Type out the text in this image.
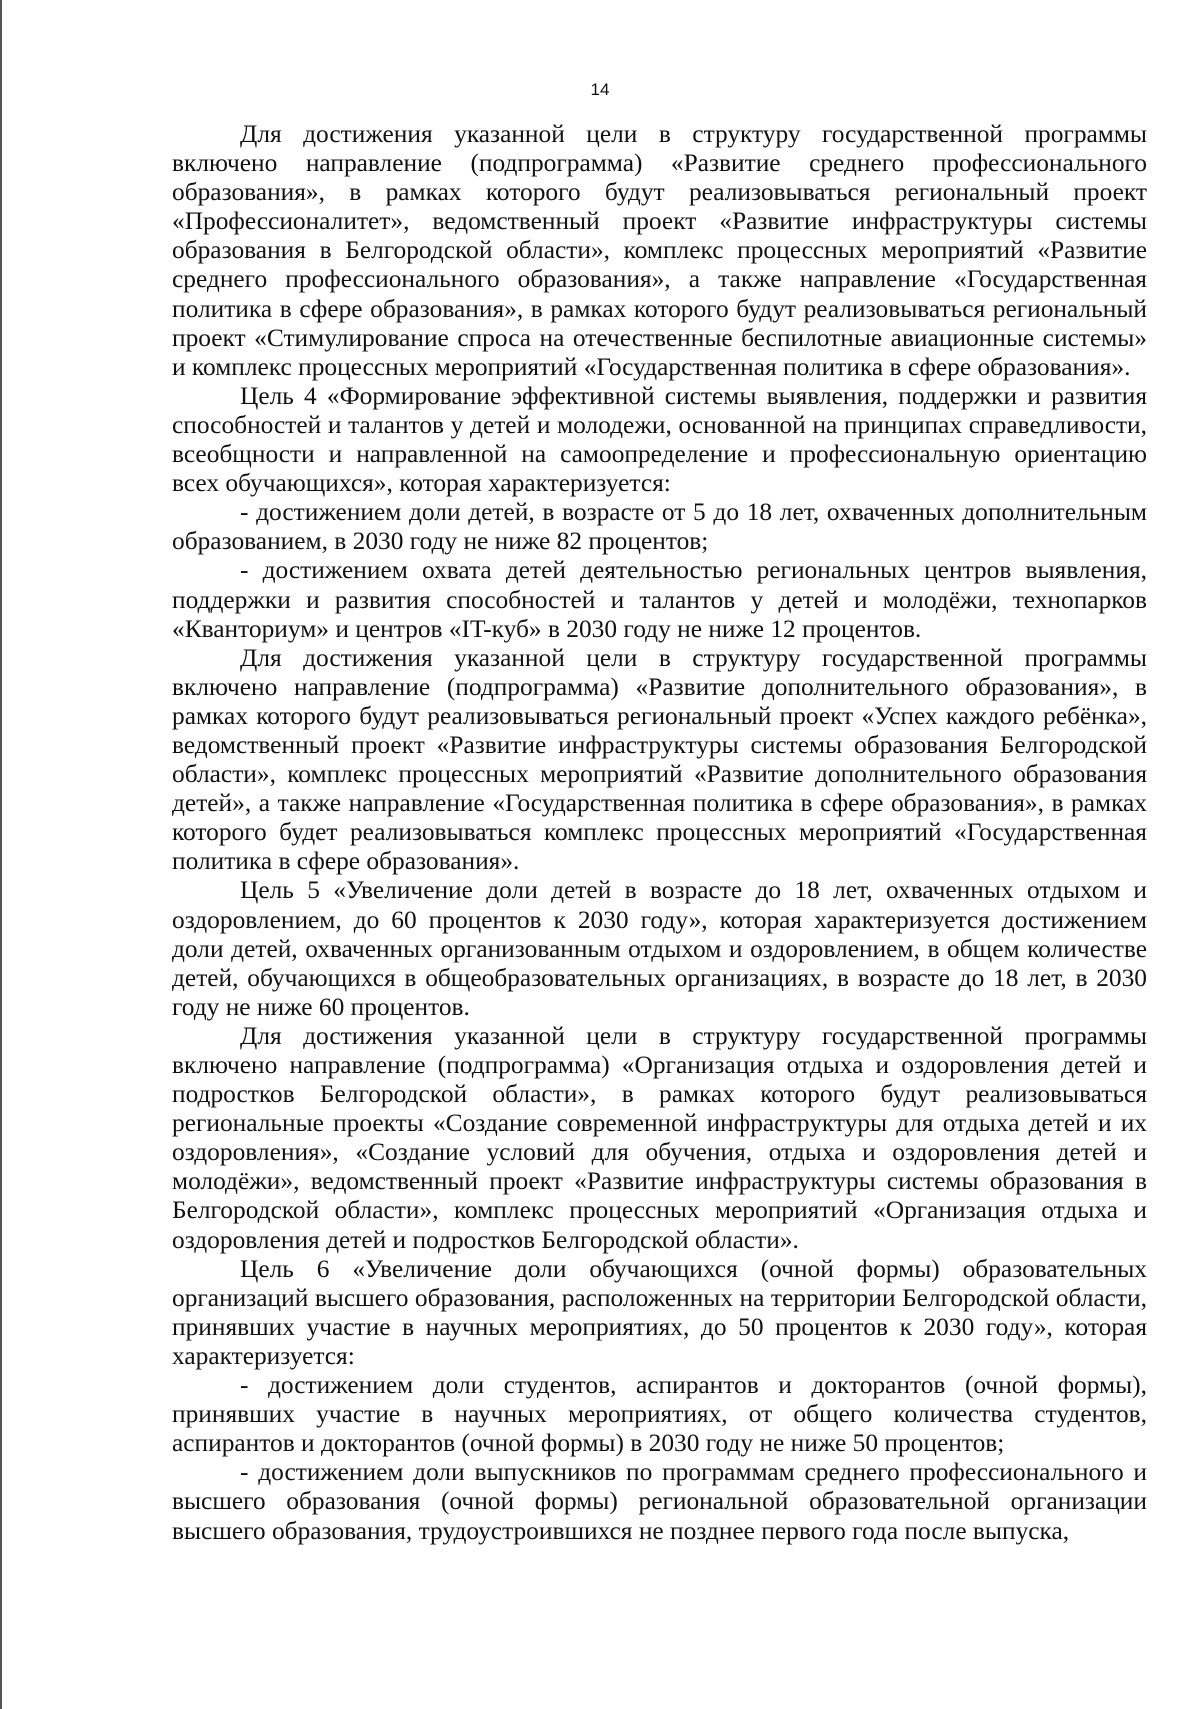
14

Для достижения указанной цели в структуру государственной программы включено направление (подпрограмма) «Развитие среднего профессионального образования», в рамках которого будут реализовываться региональный проект «Профессионалитет», ведомственный проект «Развитие инфраструктуры системы образования в Белгородской области», комплекс процессных мероприятий «Развитие среднего профессионального образования», а также направление «Государственная политика в сфере образования», в рамках которого будут реализовываться региональный проект «Стимулирование спроса на отечественные беспилотные авиационные системы» и комплекс процессных мероприятий «Государственная политика в сфере образования».

Цель 4 «Формирование эффективной системы выявления, поддержки и развития способностей и талантов у детей и молодежи, основанной на принципах справедливости, всеобщности и направленной на самоопределение и профессиональную ориентацию всех обучающихся», которая характеризуется:

- достижением доли детей, в возрасте от 5 до 18 лет, охваченных дополнительным образованием, в 2030 году не ниже 82 процентов;

- достижением охвата детей деятельностью региональных центров выявления, поддержки и развития способностей и талантов у детей и молодёжи, технопарков «Кванториум» и центров «IT-куб» в 2030 году не ниже 12 процентов.

Для достижения указанной цели в структуру государственной программы включено направление (подпрограмма) «Развитие дополнительного образования», в рамках которого будут реализовываться региональный проект «Успех каждого ребёнка», ведомственный проект «Развитие инфраструктуры системы образования Белгородской области», комплекс процессных мероприятий «Развитие дополнительного образования детей», а также направление «Государственная политика в сфере образования», в рамках которого будет реализовываться комплекс процессных мероприятий «Государственная политика в сфере образования».

Цель 5 «Увеличение доли детей в возрасте до 18 лет, охваченных отдыхом и оздоровлением, до 60 процентов к 2030 году», которая характеризуется достижением доли детей, охваченных организованным отдыхом и оздоровлением, в общем количестве детей, обучающихся в общеобразовательных организациях, в возрасте до 18 лет, в 2030 году не ниже 60 процентов.

Для достижения указанной цели в структуру государственной программы включено направление (подпрограмма) «Организация отдыха и оздоровления детей и подростков Белгородской области», в рамках которого будут реализовываться региональные проекты «Создание современной инфраструктуры для отдыха детей и их оздоровления», «Создание условий для обучения, отдыха и оздоровления детей и молодёжи», ведомственный проект «Развитие инфраструктуры системы образования в Белгородской области», комплекс процессных мероприятий «Организация отдыха и оздоровления детей и подростков Белгородской области».

Цель 6 «Увеличение доли обучающихся (очной формы) образовательных организаций высшего образования, расположенных на территории Белгородской области, принявших участие в научных мероприятиях, до 50 процентов к 2030 году», которая характеризуется:

- достижением доли студентов, аспирантов и докторантов (очной формы), принявших участие в научных мероприятиях, от общего количества студентов, аспирантов и докторантов (очной формы) в 2030 году не ниже 50 процентов;

- достижением доли выпускников по программам среднего профессионального и высшего образования (очной формы) региональной образовательной организации высшего образования, трудоустроившихся не позднее первого года после выпуска,
